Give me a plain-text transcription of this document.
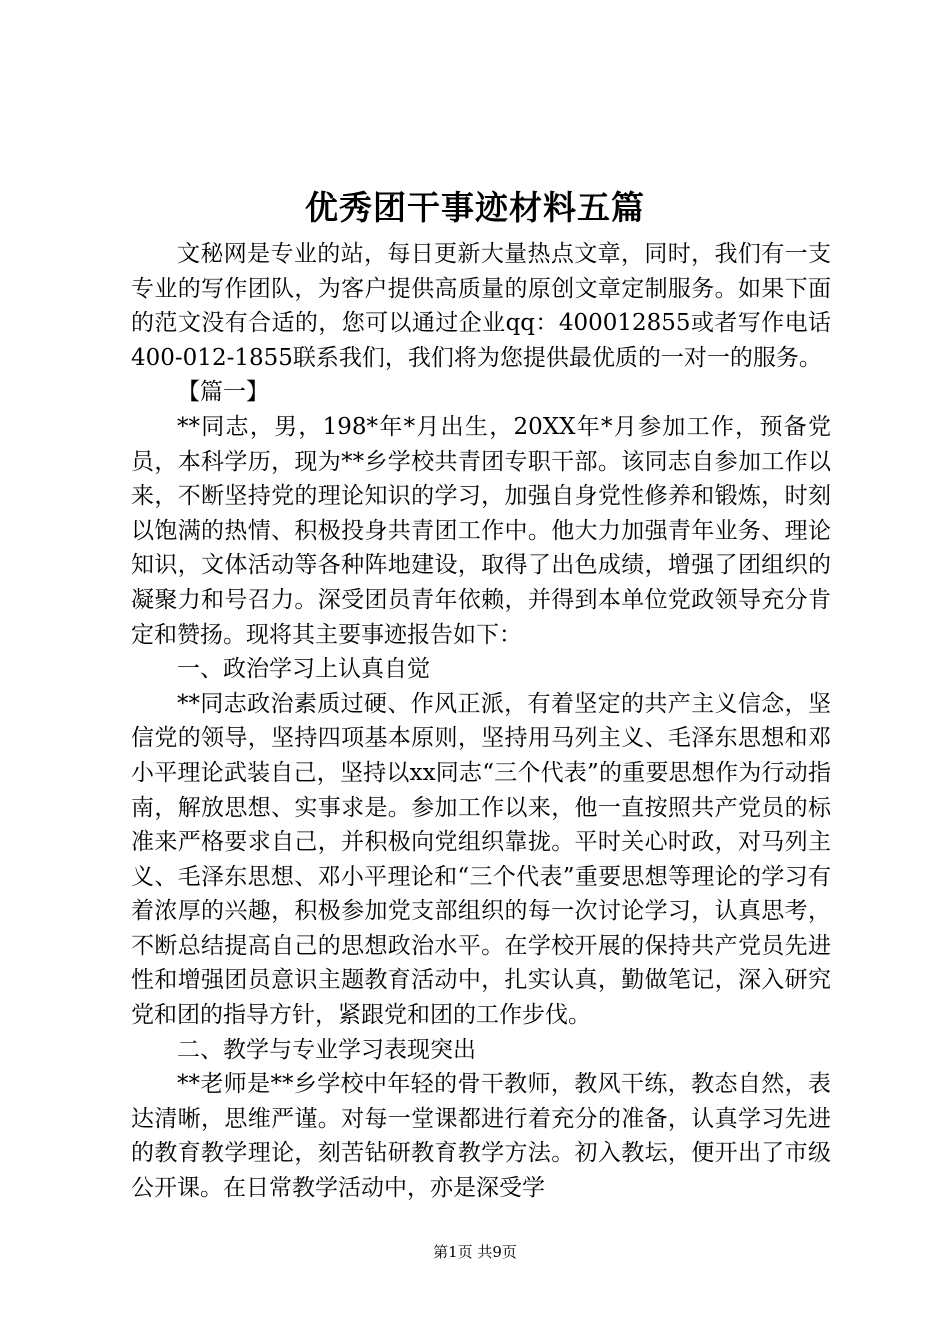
优秀团干事迹材料五篇

文秘网是专业的站，每日更新大量热点文章，同时，我们有一支专业的写作团队，为客户提供高质量的原创文章定制服务。如果下面的范文没有合适的，您可以通过企业qq：400012855或者写作电话400-012-1855联系我们，我们将为您提供最优质的一对一的服务。

【篇一】

**同志，男，198*年*月出生，20XX年*月参加工作，预备党员，本科学历，现为**乡学校共青团专职干部。该同志自参加工作以来，不断坚持党的理论知识的学习，加强自身党性修养和锻炼，时刻以饱满的热情、积极投身共青团工作中。他大力加强青年业务、理论知识，文体活动等各种阵地建设，取得了出色成绩，增强了团组织的凝聚力和号召力。深受团员青年依赖，并得到本单位党政领导充分肯定和赞扬。现将其主要事迹报告如下：

一、政治学习上认真自觉

**同志政治素质过硬、作风正派，有着坚定的共产主义信念，坚信党的领导，坚持四项基本原则，坚持用马列主义、毛泽东思想和邓小平理论武装自己，坚持以xx同志“三个代表”的重要思想作为行动指南，解放思想、实事求是。参加工作以来，他一直按照共产党员的标准来严格要求自己，并积极向党组织靠拢。平时关心时政，对马列主义、毛泽东思想、邓小平理论和“三个代表”重要思想等理论的学习有着浓厚的兴趣，积极参加党支部组织的每一次讨论学习，认真思考，不断总结提高自己的思想政治水平。在学校开展的保持共产党员先进性和增强团员意识主题教育活动中，扎实认真，勤做笔记，深入研究党和团的指导方针，紧跟党和团的工作步伐。

二、教学与专业学习表现突出

**老师是**乡学校中年轻的骨干教师，教风干练，教态自然，表达清晰，思维严谨。对每一堂课都进行着充分的准备，认真学习先进的教育教学理论，刻苦钻研教育教学方法。初入教坛，便开出了市级公开课。在日常教学活动中，亦是深受学

第1页 共9页
